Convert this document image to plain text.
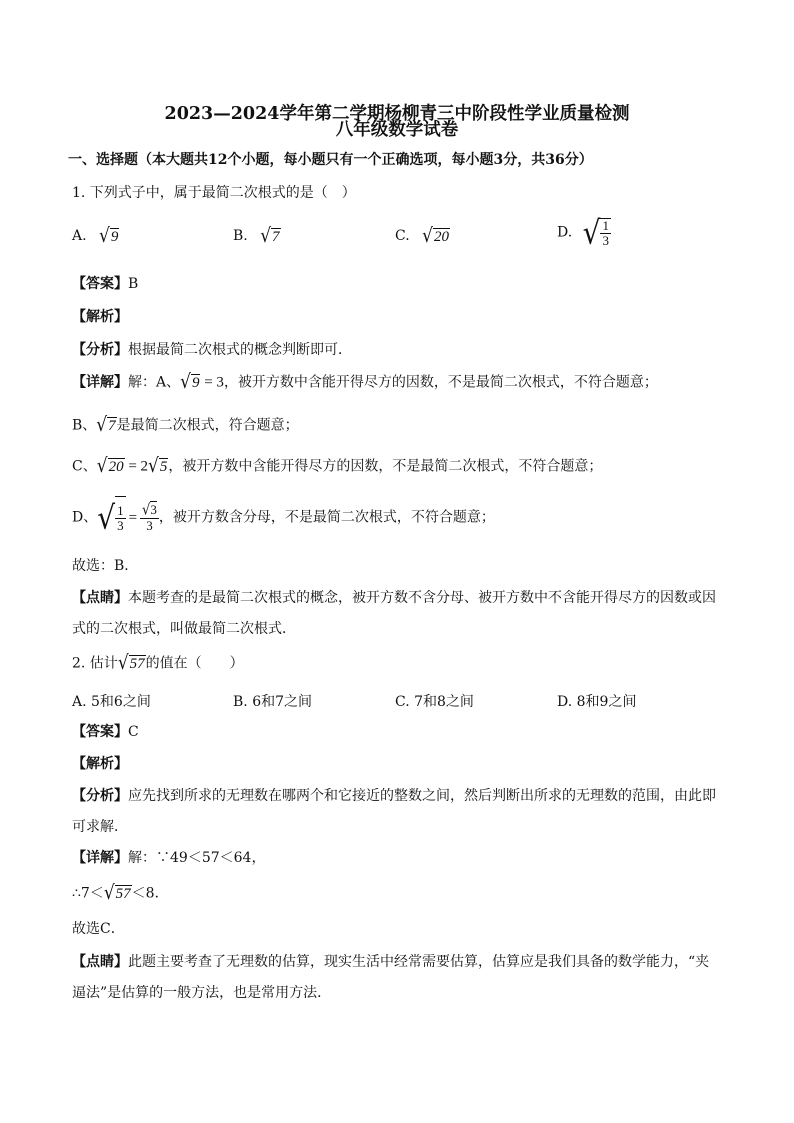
2023—2024学年第二学期杨柳青三中阶段性学业质量检测
八年级数学试卷
一、选择题（本大题共12个小题，每小题只有一个正确选项，每小题3分，共36分）
1. 下列式子中，属于最简二次根式的是（　）
A. √9	B. √7	C. √20	D. √ $\frac{1}{3}$
【答案】B
【解析】
【分析】根据最简二次根式的概念判断即可．
【详解】解：A、√9 = 3，被开方数中含能开得尽方的因数，不是最简二次根式，不符合题意；
B、√7是最简二次根式，符合题意；
C、√20 = 2√5，被开方数中含能开得尽方的因数，不是最简二次根式，不符合题意；
D、√ $\frac{1}{3} = \frac{√3}{3}$ ，被开方数含分母，不是最简二次根式，不符合题意；
故选：B．
【点睛】本题考查的是最简二次根式的概念，被开方数不含分母、被开方数中不含能开得尽方的因数或因
式的二次根式，叫做最简二次根式．
2. 估计√57的值在（　　）
A. 5和6之间	B. 6和7之间	C. 7和8之间	D. 8和9之间
【答案】C
【解析】
【分析】应先找到所求的无理数在哪两个和它接近的整数之间，然后判断出所求的无理数的范围，由此即
可求解．
【详解】解：∵49＜57＜64，
∴7＜√57＜8．
故选C．
【点睛】此题主要考查了无理数的估算，现实生活中经常需要估算，估算应是我们具备的数学能力，“夹
逼法”是估算的一般方法，也是常用方法．
